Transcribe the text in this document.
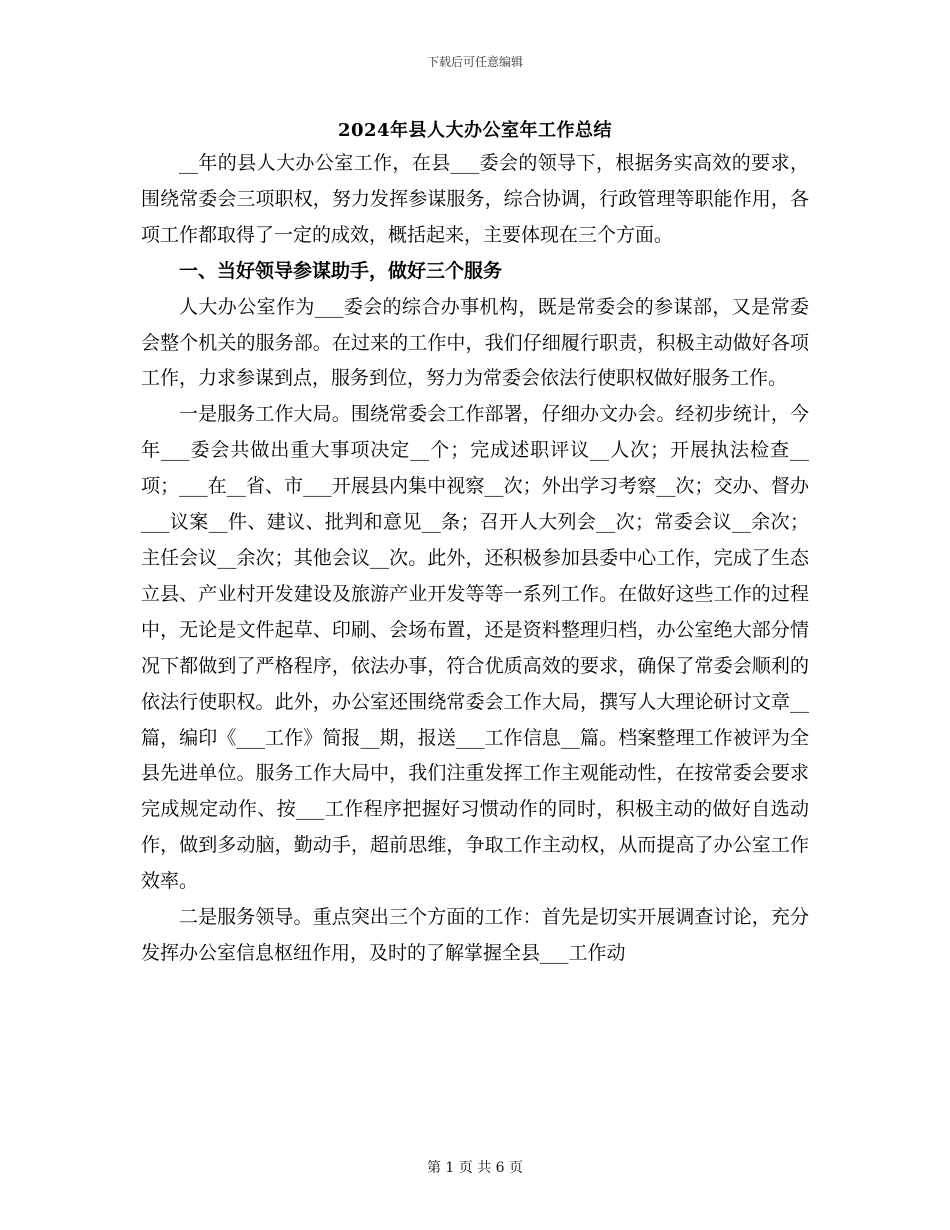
下载后可任意编辑
2024年县人大办公室年工作总结

__年的县人大办公室工作，在县___委会的领导下，根据务实高效的要求，围绕常委会三项职权，努力发挥参谋服务，综合协调，行政管理等职能作用，各项工作都取得了一定的成效，概括起来，主要体现在三个方面。

一、当好领导参谋助手，做好三个服务

人大办公室作为___委会的综合办事机构，既是常委会的参谋部，又是常委会整个机关的服务部。在过来的工作中，我们仔细履行职责，积极主动做好各项工作，力求参谋到点，服务到位，努力为常委会依法行使职权做好服务工作。

一是服务工作大局。围绕常委会工作部署，仔细办文办会。经初步统计，今年___委会共做出重大事项决定__个；完成述职评议__人次；开展执法检查__项；___在__省、市___开展县内集中视察__次；外出学习考察__次；交办、督办___议案__件、建议、批判和意见__条；召开人大列会__次；常委会议__余次；主任会议__余次；其他会议__次。此外，还积极参加县委中心工作，完成了生态立县、产业村开发建设及旅游产业开发等等一系列工作。在做好这些工作的过程中，无论是文件起草、印刷、会场布置，还是资料整理归档，办公室绝大部分情况下都做到了严格程序，依法办事，符合优质高效的要求，确保了常委会顺利的依法行使职权。此外，办公室还围绕常委会工作大局，撰写人大理论研讨文章__篇，编印《___工作》简报__期，报送___工作信息__篇。档案整理工作被评为全县先进单位。服务工作大局中，我们注重发挥工作主观能动性，在按常委会要求完成规定动作、按___工作程序把握好习惯动作的同时，积极主动的做好自选动作，做到多动脑，勤动手，超前思维，争取工作主动权，从而提高了办公室工作效率。

二是服务领导。重点突出三个方面的工作：首先是切实开展调查讨论，充分发挥办公室信息枢纽作用，及时的了解掌握全县___工作动

第 1 页 共 6 页
